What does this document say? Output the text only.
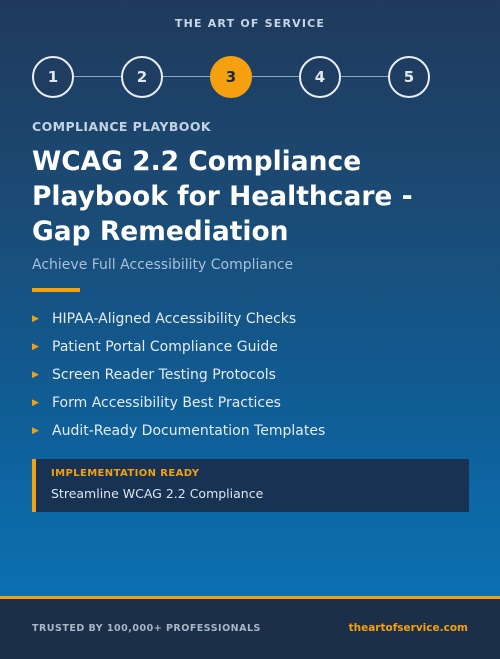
THE ART OF SERVICE
1	2	3	4	5
COMPLIANCE PLAYBOOK
WCAG 2.2 Compliance Playbook for Healthcare - Gap Remediation
Achieve Full Accessibility Compliance
▶ HIPAA-Aligned Accessibility Checks
▶ Patient Portal Compliance Guide
▶ Screen Reader Testing Protocols
▶ Form Accessibility Best Practices
▶ Audit-Ready Documentation Templates
IMPLEMENTATION READY
Streamline WCAG 2.2 Compliance
TRUSTED BY 100,000+ PROFESSIONALS	theartofservice.com
